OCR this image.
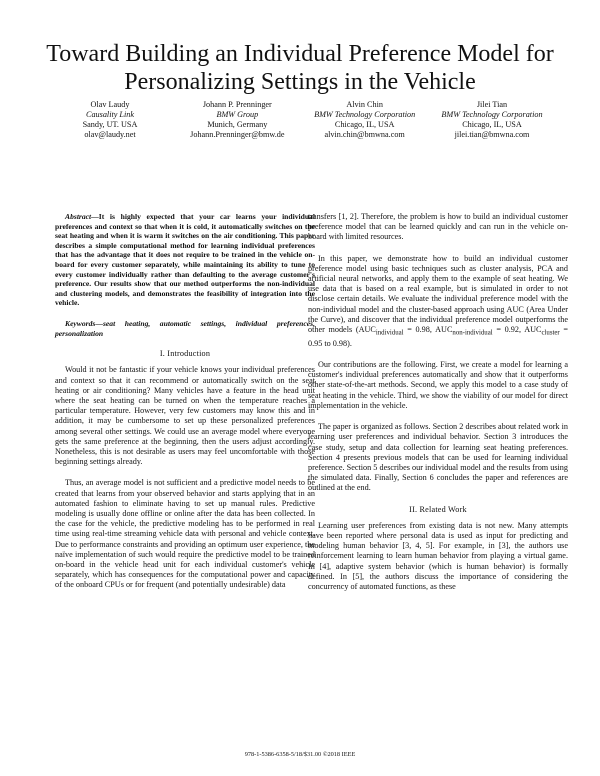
Toward Building an Individual Preference Model for Personalizing Settings in the Vehicle
Olav Laudy
Causality Link
Sandy, UT. USA
olav@laudy.net
Johann P. Prenninger
BMW Group
Munich, Germany
Johann.Prenninger@bmw.de
Alvin Chin
BMW Technology Corporation
Chicago, IL, USA
alvin.chin@bmwna.com
Jilei Tian
BMW Technology Corporation
Chicago, IL, USA
jilei.tian@bmwna.com

Abstract—It is highly expected that your car learns your individual preferences and context so that when it is cold, it automatically switches on the seat heating and when it is warm it switches on the air conditioning. This paper describes a simple computational method for learning individual preferences that has the advantage that it does not require to be trained in the vehicle on-board for every customer separately, while maintaining its ability to tune to every customer individually rather than defaulting to the average customer's preference. Our results show that our method outperforms the non-individual and clustering models, and demonstrates the feasibility of integration into the vehicle.

Keywords—seat heating, automatic settings, individual preferences, personalization

I. Introduction

Would it not be fantastic if your vehicle knows your individual preferences and context so that it can recommend or automatically switch on the seat heating or air conditioning? Many vehicles have a feature in the head unit where the seat heating can be turned on when the temperature reaches a particular temperature. However, very few customers may know this and in addition, it may be cumbersome to set up these personalized preferences among several other settings. We could use an average model where everyone gets the same preference at the beginning, then the users adjust accordingly. Nonetheless, this is not desirable as users may feel uncomfortable with those beginning settings already.

Thus, an average model is not sufficient and a predictive model needs to be created that learns from your observed behavior and starts applying that in an automated fashion to eliminate having to set up manual rules. Predictive modeling is usually done offline or online after the data has been collected. In the case for the vehicle, the predictive modeling has to be performed in real time using real-time streaming vehicle data with personal and vehicle context. Due to performance constraints and providing an optimum user experience, the naïve implementation of such would require the predictive model to be trained on-board in the vehicle head unit for each individual customer's vehicle separately, which has consequences for the computational power and capacity of the onboard CPUs or for frequent (and potentially undesirable) data

transfers [1, 2]. Therefore, the problem is how to build an individual customer preference model that can be learned quickly and can run in the vehicle on-board with limited resources.

In this paper, we demonstrate how to build an individual customer preference model using basic techniques such as cluster analysis, PCA and artificial neural networks, and apply them to the example of seat heating. We use data that is based on a real example, but is simulated in order to not disclose certain details. We evaluate the individual preference model with the non-individual model and the cluster-based approach using AUC (Area Under the Curve), and discover that the individual preference model outperforms the other models ($AUC_{individual} = 0.98$, $AUC_{non-individual} = 0.92$, $AUC_{cluster} = 0.95$ to 0.98).

Our contributions are the following. First, we create a model for learning a customer's individual preferences automatically and show that it outperforms other state-of-the-art methods. Second, we apply this model to a case study of seat heating in the vehicle. Third, we show the viability of our model for direct implementation in the vehicle.

The paper is organized as follows. Section 2 describes about related work in learning user preferences and individual behavior. Section 3 introduces the case study, setup and data collection for learning seat heating preferences. Section 4 presents previous models that can be used for learning individual preference. Section 5 describes our individual model and the results from using the simulated data. Finally, Section 6 concludes the paper and references are outlined at the end.

II. Related Work

Learning user preferences from existing data is not new. Many attempts have been reported where personal data is used as input for predicting and modeling human behavior [3, 4, 5]. For example, in [3], the authors use reinforcement learning to learn human behavior from playing a virtual game. In [4], adaptive system behavior (which is human behavior) is formally defined. In [5], the authors discuss the importance of considering the concurrency of automated functions, as these

978-1-5386-6358-5/18/$31.00 ©2018 IEEE
